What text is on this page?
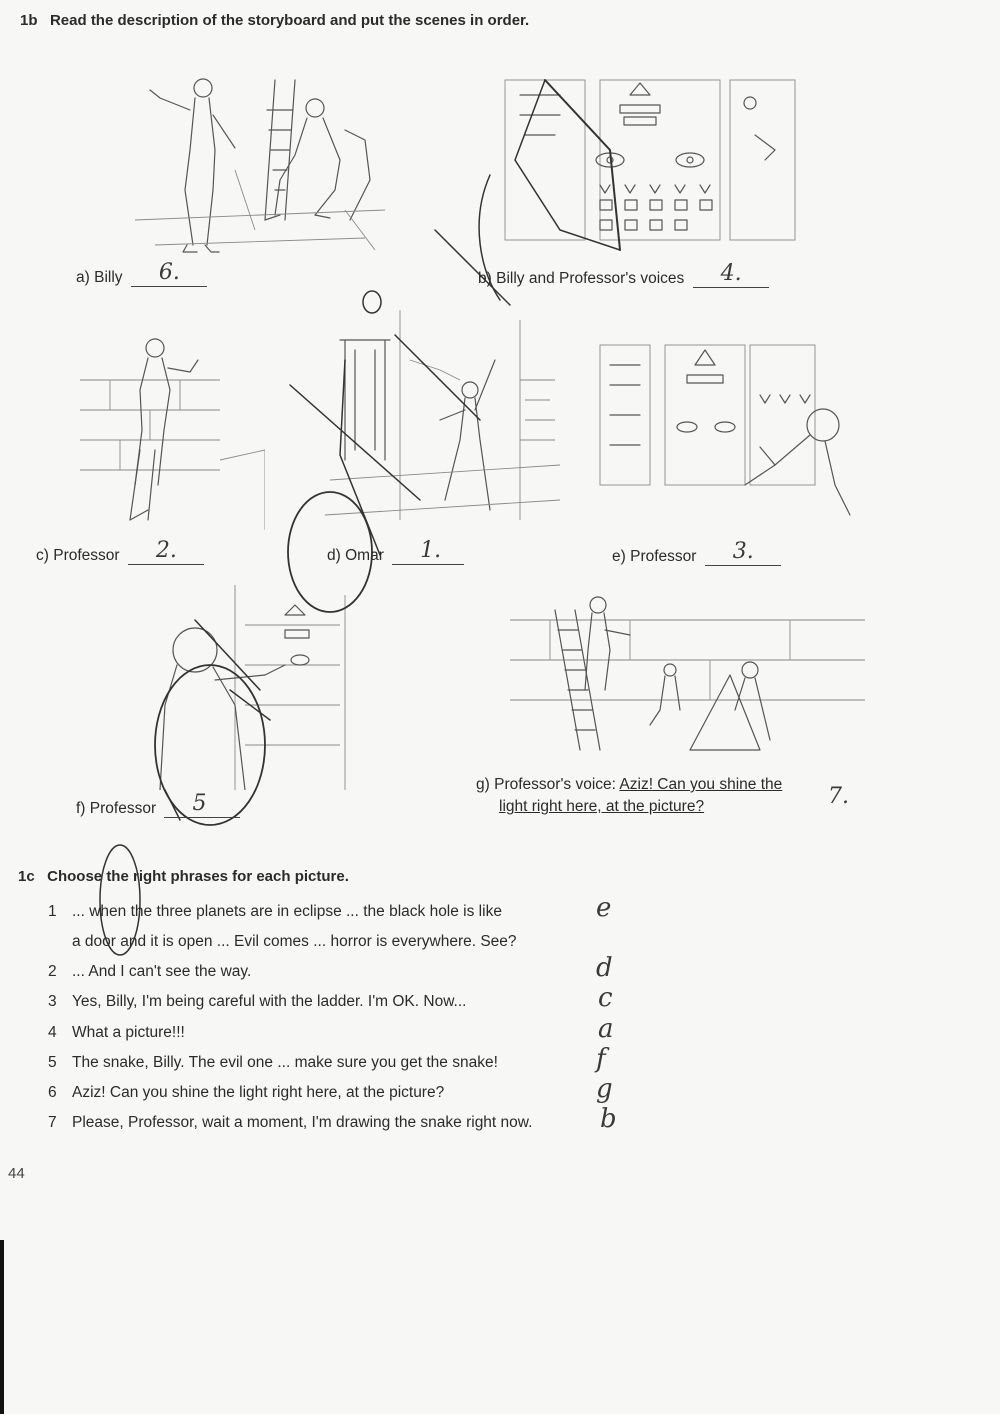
1b Read the description of the storyboard and put the scenes in order.
a) Billy 6.	b) Billy and Professor's voices 4.
c) Professor 2.	d) Omar 1.	e) Professor 3.
f) Professor 5
g) Professor's voice: Aziz! Can you shine the
light right here, at the picture?	7.
1c Choose the right phrases for each picture.
1 ... when the three planets are in eclipse ... the black hole is like
a door and it is open ... Evil comes ... horror is everywhere. See?
e
2 ... And I can't see the way.	d
3 Yes, Billy, I'm being careful with the ladder. I'm OK. Now...	c
4 What a picture!!!	a
5 The snake, Billy. The evil one ... make sure you get the snake!	f
6 Aziz! Can you shine the light right here, at the picture?	g
7 Please, Professor, wait a moment, I'm drawing the snake right now.	b
44
